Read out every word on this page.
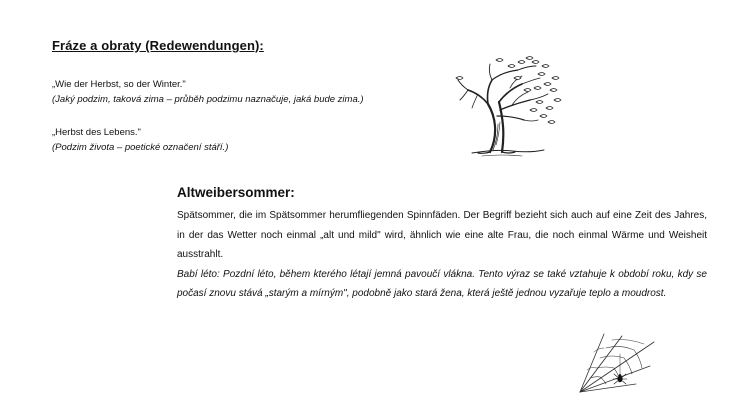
Fráze a obraty (Redewendungen):
„Wie der Herbst, so der Winter."
(Jaký podzim, taková zima – průběh podzimu naznačuje, jaká bude zima.)
„Herbst des Lebens."
(Podzim života – poetické označení stáří.)
Altweibersommer:

Spätsommer, die im Spätsommer herumfliegenden Spinnfäden. Der Begriff bezieht sich auch auf eine Zeit des Jahres, in der das Wetter noch einmal „alt und mild" wird, ähnlich wie eine alte Frau, die noch einmal Wärme und Weisheit ausstrahlt.

Babí léto: Pozdní léto, během kterého létají jemná pavoučí vlákna. Tento výraz se také vztahuje k období roku, kdy se počasí znovu stává „starým a mírným", podobně jako stará žena, která ještě jednou vyzařuje teplo a moudrost.
